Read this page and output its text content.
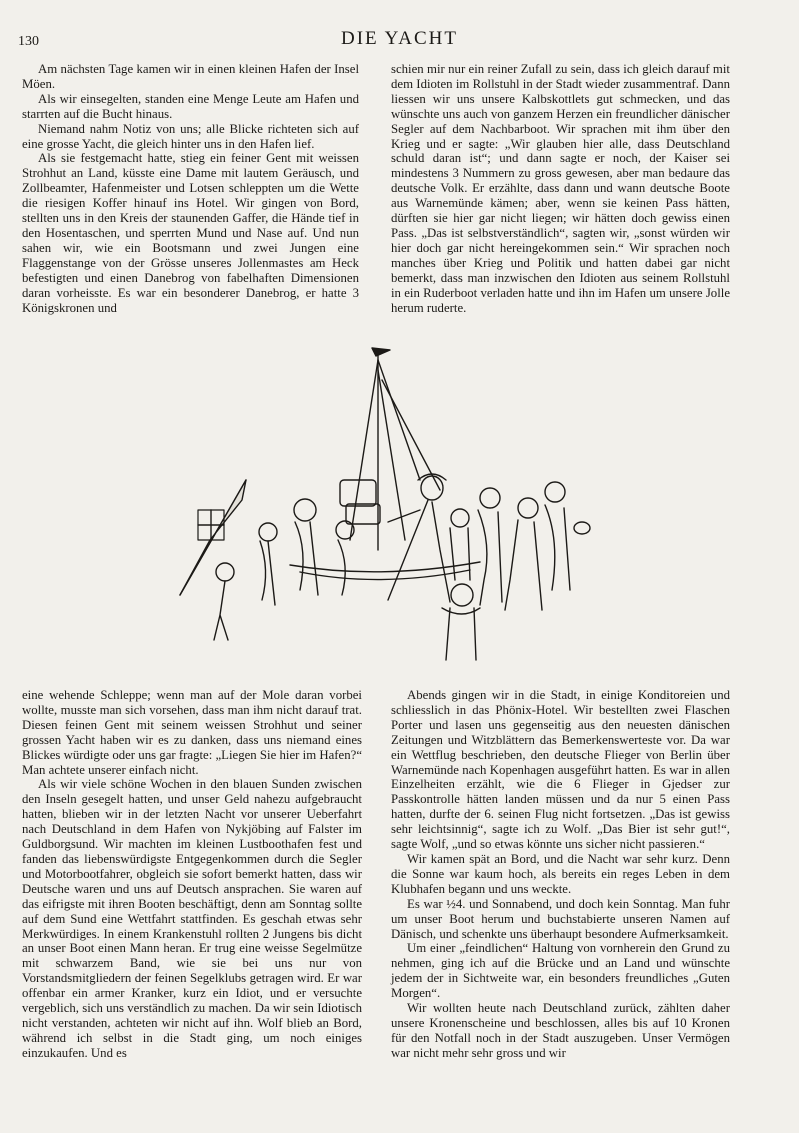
130	DIE YACHT

Am nächsten Tage kamen wir in einen kleinen Hafen der Insel Möen.

Als wir einsegelten, standen eine Menge Leute am Hafen und starrten auf die Bucht hinaus.

Niemand nahm Notiz von uns; alle Blicke richteten sich auf eine grosse Yacht, die gleich hinter uns in den Hafen lief.

Als sie festgemacht hatte, stieg ein feiner Gent mit weissen Strohhut an Land, küsste eine Dame mit lautem Geräusch, und Zollbeamter, Hafenmeister und Lotsen schleppten um die Wette die riesigen Koffer hinauf ins Hotel. Wir gingen von Bord, stellten uns in den Kreis der staunenden Gaffer, die Hände tief in den Hosentaschen, und sperrten Mund und Nase auf. Und nun sahen wir, wie ein Bootsmann und zwei Jungen eine Flaggenstange von der Grösse unseres Jollenmastes am Heck befestigten und einen Danebrog von fabelhaften Dimensionen daran vorheisste. Es war ein besonderer Danebrog, er hatte 3 Königskronen und

schien mir nur ein reiner Zufall zu sein, dass ich gleich darauf mit dem Idioten im Rollstuhl in der Stadt wieder zusammentraf. Dann liessen wir uns unsere Kalbskottlets gut schmecken, und das wünschte uns auch von ganzem Herzen ein freundlicher dänischer Segler auf dem Nachbarboot. Wir sprachen mit ihm über den Krieg und er sagte: „Wir glauben hier alle, dass Deutschland schuld daran ist“; und dann sagte er noch, der Kaiser sei mindestens 3 Nummern zu gross gewesen, aber man bedaure das deutsche Volk. Er erzählte, dass dann und wann deutsche Boote aus Warnemünde kämen; aber, wenn sie keinen Pass hätten, dürften sie hier gar nicht liegen; wir hätten doch gewiss einen Pass. „Das ist selbstverständlich“, sagten wir, „sonst würden wir hier doch gar nicht hereingekommen sein.“ Wir sprachen noch manches über Krieg und Politik und hatten dabei gar nicht bemerkt, dass man inzwischen den Idioten aus seinem Rollstuhl in ein Ruderboot verladen hatte und ihn im Hafen um unsere Jolle herum ruderte.

eine wehende Schleppe; wenn man auf der Mole daran vorbei wollte, musste man sich vorsehen, dass man ihm nicht darauf trat. Diesen feinen Gent mit seinem weissen Strohhut und seiner grossen Yacht haben wir es zu danken, dass uns niemand eines Blickes würdigte oder uns gar fragte: „Liegen Sie hier im Hafen?“ Man achtete unserer einfach nicht.

Als wir viele schöne Wochen in den blauen Sunden zwischen den Inseln gesegelt hatten, und unser Geld nahezu aufgebraucht hatten, blieben wir in der letzten Nacht vor unserer Ueberfahrt nach Deutschland in dem Hafen von Nykjöbing auf Falster im Guldborgsund. Wir machten im kleinen Lustboothafen fest und fanden das liebenswürdigste Entgegenkommen durch die Segler und Motorbootfahrer, obgleich sie sofort bemerkt hatten, dass wir Deutsche waren und uns auf Deutsch ansprachen. Sie waren auf das eifrigste mit ihren Booten beschäftigt, denn am Sonntag sollte auf dem Sund eine Wettfahrt stattfinden. Es geschah etwas sehr Merkwürdiges. In einem Krankenstuhl rollten 2 Jungens bis dicht an unser Boot einen Mann heran. Er trug eine weisse Segelmütze mit schwarzem Band, wie sie bei uns nur von Vorstandsmitgliedern der feinen Segelklubs getragen wird. Er war offenbar ein armer Kranker, kurz ein Idiot, und er versuchte vergeblich, sich uns verständlich zu machen. Da wir sein Idiotisch nicht verstanden, achteten wir nicht auf ihn. Wolf blieb an Bord, während ich selbst in die Stadt ging, um noch einiges einzukaufen. Und es

Abends gingen wir in die Stadt, in einige Konditoreien und schliesslich in das Phönix-Hotel. Wir bestellten zwei Flaschen Porter und lasen uns gegenseitig aus den neuesten dänischen Zeitungen und Witzblättern das Bemerkenswerteste vor. Da war ein Wettflug beschrieben, den deutsche Flieger von Berlin über Warnemünde nach Kopenhagen ausgeführt hatten. Es war in allen Einzelheiten erzählt, wie die 6 Flieger in Gjedser zur Passkontrolle hätten landen müssen und da nur 5 einen Pass hatten, durfte der 6. seinen Flug nicht fortsetzen. „Das ist gewiss sehr leichtsinnig“, sagte ich zu Wolf. „Das Bier ist sehr gut!“, sagte Wolf, „und so etwas könnte uns sicher nicht passieren.“

Wir kamen spät an Bord, und die Nacht war sehr kurz. Denn die Sonne war kaum hoch, als bereits ein reges Leben in dem Klubhafen begann und uns weckte.

Es war ½4. und Sonnabend, und doch kein Sonntag. Man fuhr um unser Boot herum und buchstabierte unseren Namen auf Dänisch, und schenkte uns überhaupt besondere Aufmerksamkeit.

Um einer „feindlichen“ Haltung von vornherein den Grund zu nehmen, ging ich auf die Brücke und an Land und wünschte jedem der in Sichtweite war, ein besonders freundliches „Guten Morgen“.

Wir wollten heute nach Deutschland zurück, zählten daher unsere Kronenscheine und beschlossen, alles bis auf 10 Kronen für den Notfall noch in der Stadt auszugeben. Unser Vermögen war nicht mehr sehr gross und wir
